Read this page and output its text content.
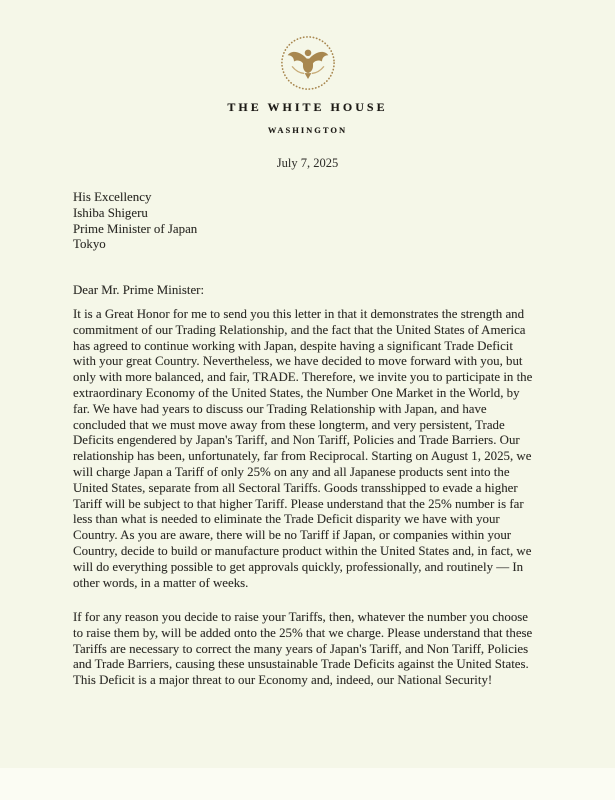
THE WHITE HOUSE
WASHINGTON
July 7, 2025
His Excellency
Ishiba Shigeru
Prime Minister of Japan
Tokyo
Dear Mr. Prime Minister:
It is a Great Honor for me to send you this letter in that it demonstrates the strength and
commitment of our Trading Relationship, and the fact that the United States of America
has agreed to continue working with Japan, despite having a significant Trade Deficit
with your great Country. Nevertheless, we have decided to move forward with you, but
only with more balanced, and fair, TRADE. Therefore, we invite you to participate in the
extraordinary Economy of the United States, the Number One Market in the World, by
far. We have had years to discuss our Trading Relationship with Japan, and have
concluded that we must move away from these longterm, and very persistent, Trade
Deficits engendered by Japan's Tariff, and Non Tariff, Policies and Trade Barriers. Our
relationship has been, unfortunately, far from Reciprocal. Starting on August 1, 2025, we
will charge Japan a Tariff of only 25% on any and all Japanese products sent into the
United States, separate from all Sectoral Tariffs. Goods transshipped to evade a higher
Tariff will be subject to that higher Tariff. Please understand that the 25% number is far
less than what is needed to eliminate the Trade Deficit disparity we have with your
Country. As you are aware, there will be no Tariff if Japan, or companies within your
Country, decide to build or manufacture product within the United States and, in fact, we
will do everything possible to get approvals quickly, professionally, and routinely — In
other words, in a matter of weeks.
If for any reason you decide to raise your Tariffs, then, whatever the number you choose
to raise them by, will be added onto the 25% that we charge. Please understand that these
Tariffs are necessary to correct the many years of Japan's Tariff, and Non Tariff, Policies
and Trade Barriers, causing these unsustainable Trade Deficits against the United States.
This Deficit is a major threat to our Economy and, indeed, our National Security!
